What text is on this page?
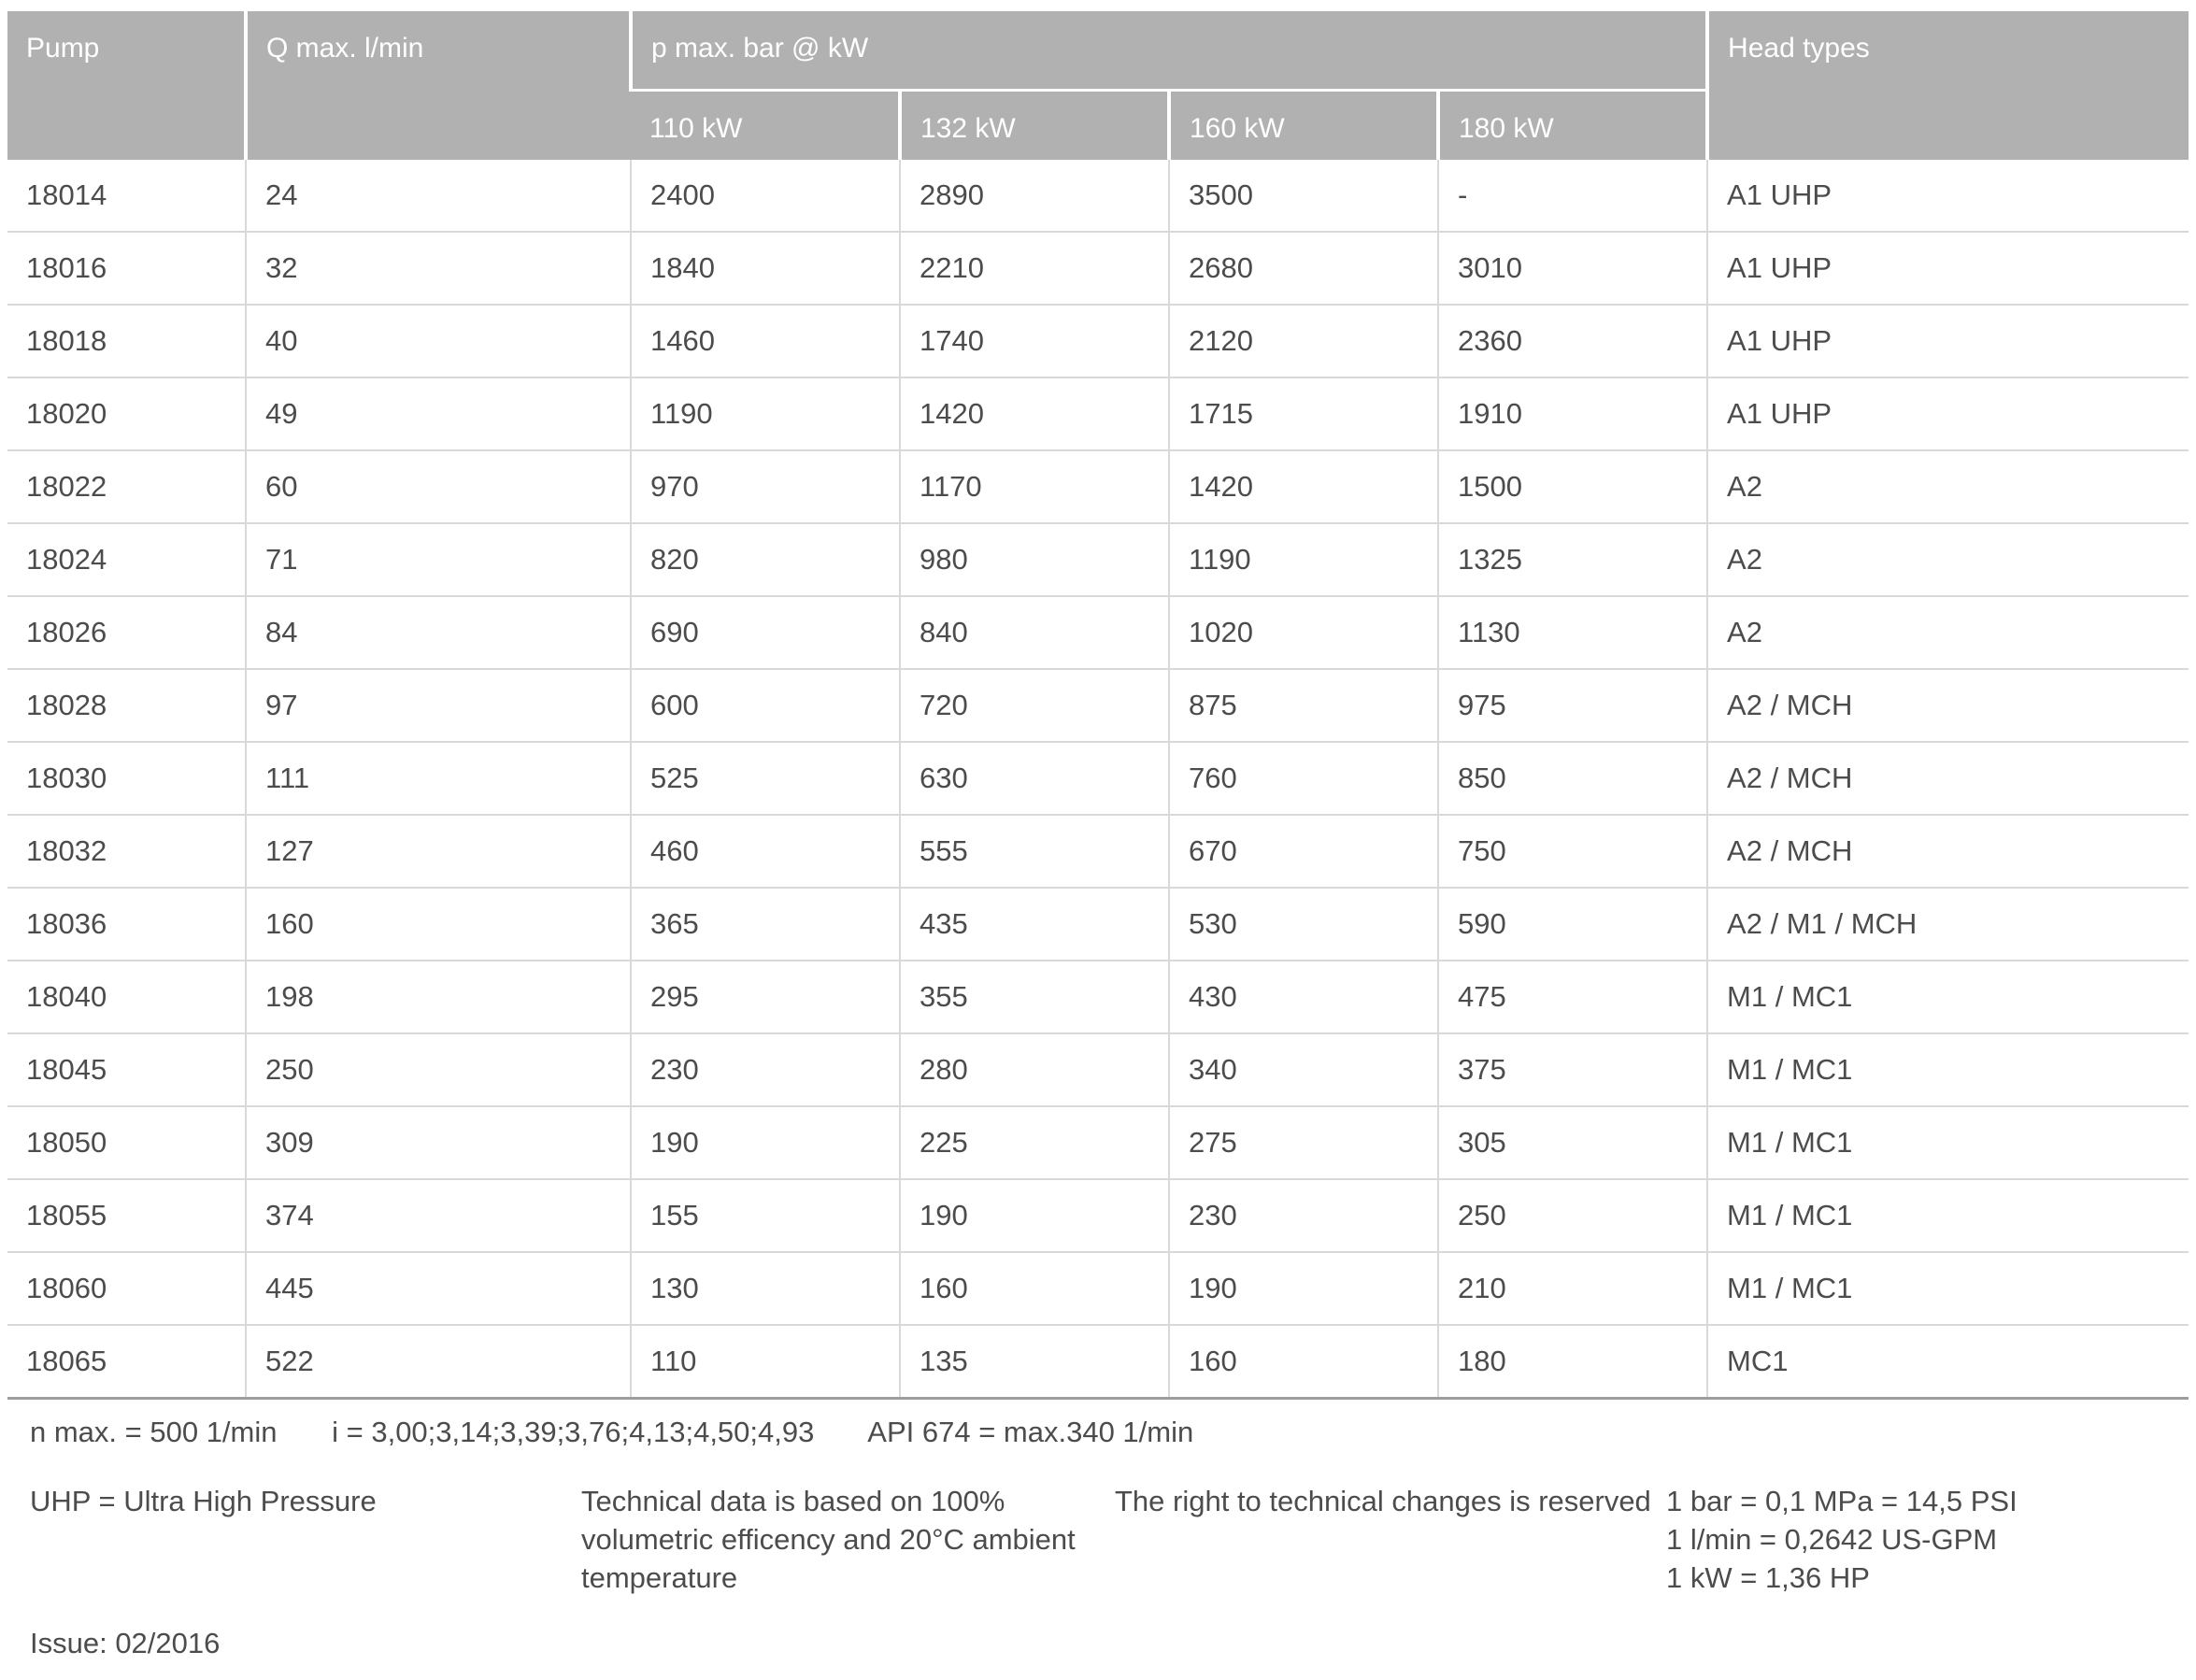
Pump	Q max. l/min	p max. bar @ kW				Head types
		110 kW	132 kW	160 kW	180 kW	
18014	24	2400	2890	3500	-	A1 UHP
18016	32	1840	2210	2680	3010	A1 UHP
18018	40	1460	1740	2120	2360	A1 UHP
18020	49	1190	1420	1715	1910	A1 UHP
18022	60	970	1170	1420	1500	A2
18024	71	820	980	1190	1325	A2
18026	84	690	840	1020	1130	A2
18028	97	600	720	875	975	A2 / MCH
18030	111	525	630	760	850	A2 / MCH
18032	127	460	555	670	750	A2 / MCH
18036	160	365	435	530	590	A2 / M1 / MCH
18040	198	295	355	430	475	M1 / MC1
18045	250	230	280	340	375	M1 / MC1
18050	309	190	225	275	305	M1 / MC1
18055	374	155	190	230	250	M1 / MC1
18060	445	130	160	190	210	M1 / MC1
18065	522	110	135	160	180	MC1
n max. = 500 1/min i = 3,00;3,14;3,39;3,76;4,13;4,50;4,93 API 674 = max.340 1/min
UHP = Ultra High Pressure	Technical data is based on 100%
volumetric efficency and 20°C ambient
temperature
The right to technical changes is reserved 1 bar = 0,1 MPa = 14,5 PSI
1 l/min = 0,2642 US-GPM
1 kW = 1,36 HP
Issue: 02/2016
